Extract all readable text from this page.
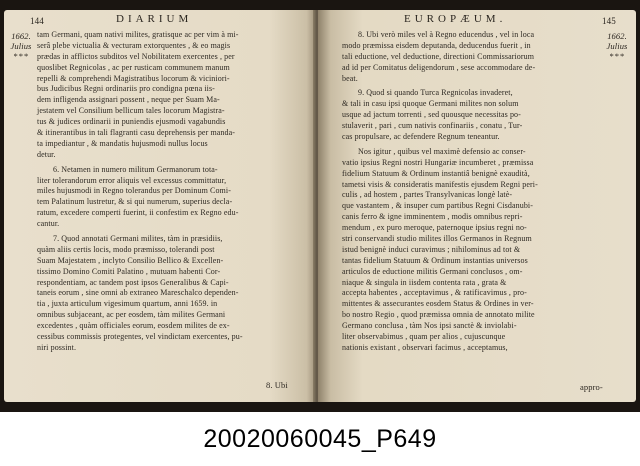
144	DIARIUM
1662.
Julius
***
tam Germani, quam nativi milites, gratisque ac per vim à mi-
serâ plebe victualia & vecturam extorquentes , & eo magis
prædas in afflictos subditos vel Nobilitatem exercentes , per
quoslibet Regnicolas , ac per rusticam communem manum
repelli & comprehendi Magistratibus locorum & viciniori-
bus Judicibus Regni ordinariis pro condigna pœna iis-
dem infligenda assignari possent , neque per Suam Ma-
jestatem vel Consilium bellicum tales locorum Magistra-
tus & judices ordinarii in puniendis ejusmodi vagabundis
& itinerantibus in tali flagranti casu deprehensis per manda-
ta impediantur , & mandatis hujusmodi nullus locus
detur.

6. Netamen in numero militum Germanorum tota-
liter tolerandorum error aliquis vel excessus committatur,
miles hujusmodi in Regno tolerandus per Dominum Comi-
tem Palatinum lustretur, & si qui numerum, superius decla-
ratum, excedere comperti fuerint, ii confestim ex Regno edu-
cantur.

7. Quod annotati Germani milites, tàm in præsidiis,
quàm aliis certis locis, modo præmisso, tolerandi post
Suam Majestatem , inclyto Consilio Bellico & Excellen-
tissimo Domino Comiti Palatino , mutuam habenti Cor-
respondentiam, ac tandem post ipsos Generalibus & Capi-
taneis eorum , sine omni ab extraneo Mareschalco dependen-
tia , juxta articulum vigesimum quartum, anni 1659. in
omnibus subjaceant, ac per eosdem, tàm milites Germani
excedentes , quàm officiales eorum, eosdem milites de ex-
cessibus commissis protegentes, vel vindictam exercentes, pu-
niri possint.
8. Ubi
EUROPÆUM.	145
1662.
Julius
***
8. Ubi verò miles vel à Regno educendus , vel in loca
modo præmissa eisdem deputanda, deducendus fuerit , in
tali eductione, vel deductione, directioni Commissariorum
ad id per Comitatus deligendorum , sese accommodare de-
beat.

9. Quod si quando Turca Regnicolas invaderet,
& tali in casu ipsi quoque Germani milites non solum
usque ad jactum torrenti , sed quousque necessitas po-
stulaverit , pari , cum nativis confinariis , conatu , Tur-
cas propulsare, ac defendere Regnum teneantur.

Nos igitur , quibus vel maximè defensio ac conser-
vatio ipsius Regni nostri Hungariæ incumberet , præmissa
fidelium Statuum & Ordinum instantiâ benignè exaudità,
tametsi visis & consideratis manifestis ejusdem Regni peri-
culis , ad hostem , partes Transylvanicas longè latè-
que vastantem , & insuper cum partibus Regni Cisdanubi-
canis ferro & igne imminentem , modis omnibus repri-
mendum , ex puro meroque, paternoque ipsius regni no-
stri conservandi studio milites illos Germanos in Regnum
istud benignè induci curavimus ; nihilominus ad tot &
tantas fidelium Statuum & Ordinum instantias universos
articulos de eductione militis Germani conclusos , om-
niaque & singula in iisdem contenta rata , grata &
accepta habentes , acceptavimus , & ratificavimus , pro-
mittentes & assecurantes eosdem Status & Ordines in ver-
bo nostro Regio , quod præmissa omnia de annotato milite
Germano conclusa , tàm Nos ipsi sanctè & inviolabi-
liter observabimus , quam per alios , cujuscunque
nationis existant , observari facimus , acceptamus,
appro-
20020060045_P649
